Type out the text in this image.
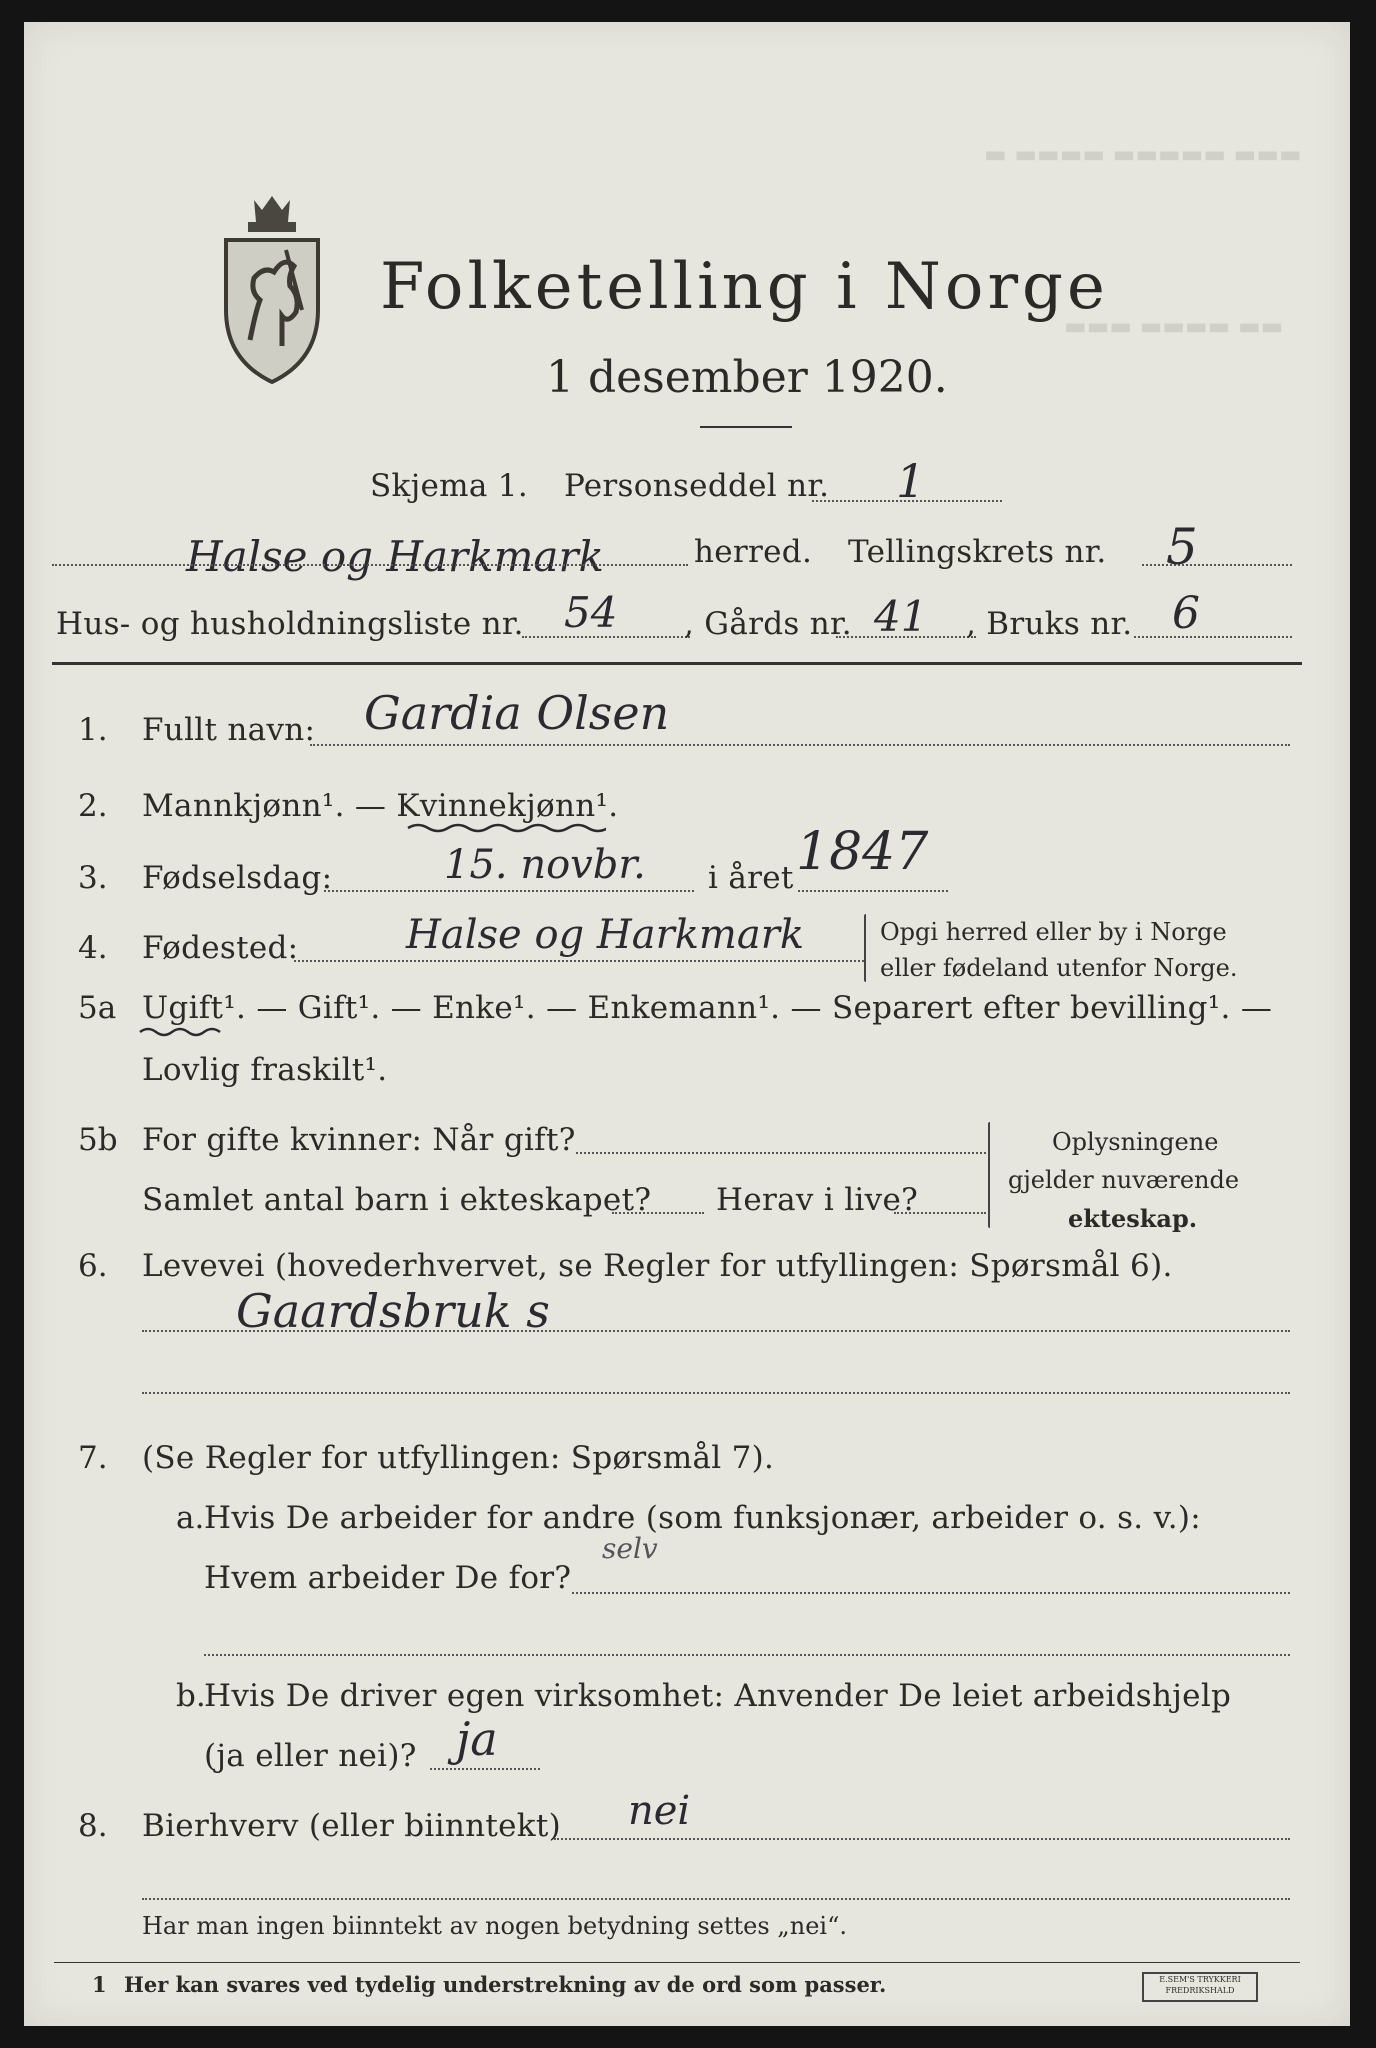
▬ ▬▬▬▬ ▬▬▬▬▬ ▬▬▬
▬▬▬ ▬▬▬▬ ▬▬
Folketelling i Norge
1 desember 1920.
Skjema 1. Personseddel nr. 1
Halse og Harkmark	herred. Tellingskrets nr. 5
Hus- og husholdningsliste nr. 54 , Gårds nr. 41 , Bruks nr. 6
1. Fullt navn: Gardia Olsen
2. Mannkjønn¹. — Kvinnekjønn¹.
3. Fødselsdag:	15. novbr. i året 1847
4. Fødested:	Halse og Harkmark	Opgi herred eller by i Norge
eller fødeland utenfor Norge.
5a Ugift¹. — Gift¹. — Enke¹. — Enkemann¹. — Separert efter bevilling¹. —
Lovlig fraskilt¹.
5b For gifte kvinner: Når gift?
Samlet antal barn i ekteskapet? Herav i live?
Oplysningene
gjelder nuværende
ekteskap.
6. Levevei (hovederhvervet, se Regler for utfyllingen: Spørsmål 6).
Gaardsbruk s
7. (Se Regler for utfyllingen: Spørsmål 7).
a. Hvis De arbeider for andre (som funksjonær, arbeider o. s. v.):
Hvem arbeider De for?
selv
b.
Hvis De driver egen virksomhet: Anvender De leiet arbeidshjelp
(ja eller nei)? ja
8. Bierhverv (eller biinntekt) nei
Har man ingen biinntekt av nogen betydning settes „nei“.
1 Her kan svares ved tydelig understrekning av de ord som passer.	E.SEM'S TRYKKERI
FREDRIKSHALD
